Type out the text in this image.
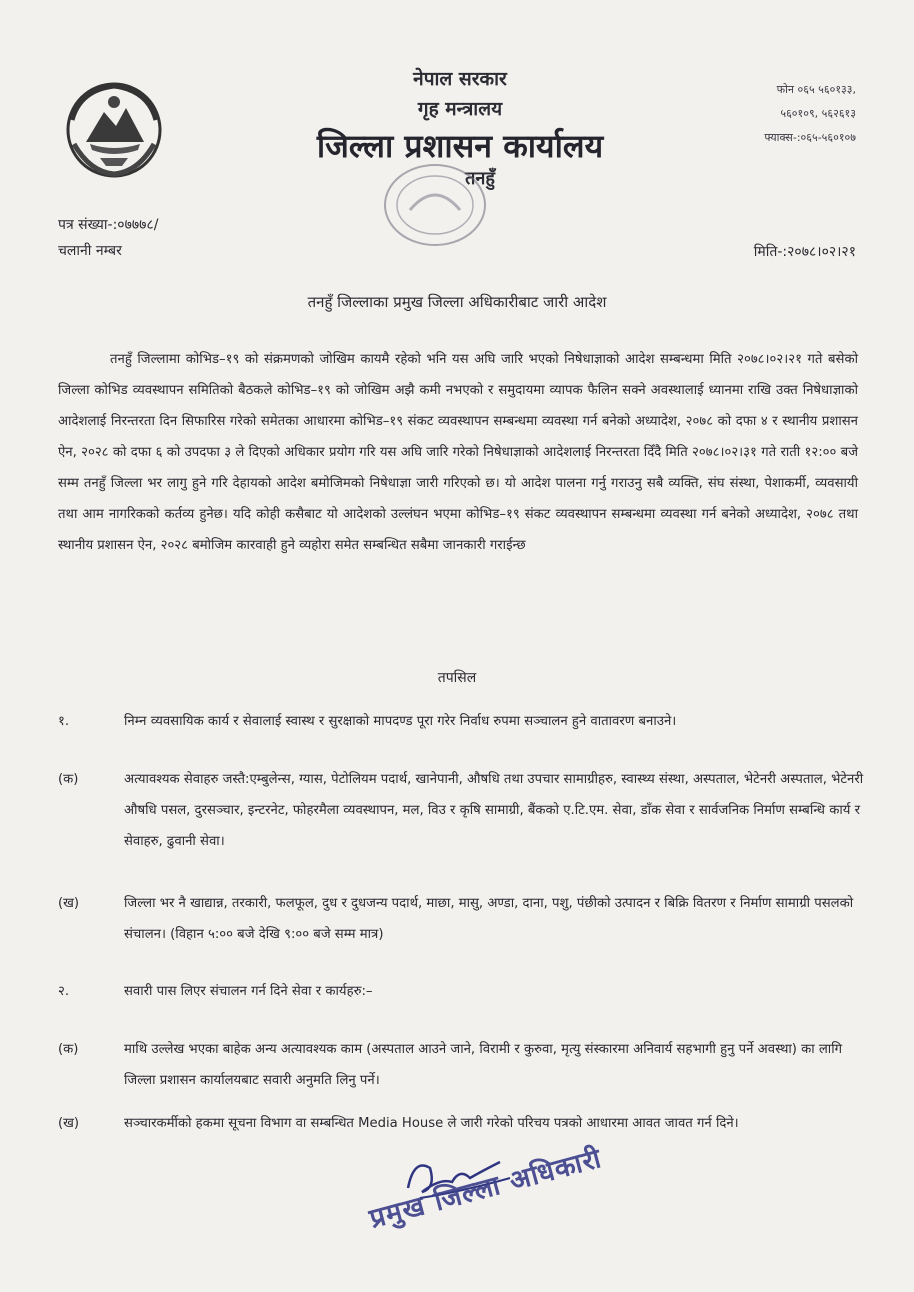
नेपाल सरकार
गृह मन्त्रालय
जिल्ला प्रशासन कार्यालय
तनहुँ
फोन ०६५ ५६०१३३,
५६०१०९, ५६२६१३
फ्याक्स-:०६५-५६०१०७
पत्र संख्या-:०७७७८/
चलानी नम्बर	मिति-:२०७८।०२।२१
तनहुँ जिल्लाका प्रमुख जिल्ला अधिकारीबाट जारी आदेश

तनहुँ जिल्लामा कोभिड–१९ को संक्रमणको जोखिम कायमै रहेको भनि यस अघि जारि भएको निषेधाज्ञाको आदेश सम्बन्धमा मिति २०७८।०२।२१ गते बसेको जिल्ला कोभिड व्यवस्थापन समितिको बैठकले कोभिड–१९ को जोखिम अझै कमी नभएको र समुदायमा व्यापक फैलिन सक्ने अवस्थालाई ध्यानमा राखि उक्त निषेधाज्ञाको आदेशलाई निरन्तरता दिन सिफारिस गरेको समेतका आधारमा कोभिड–१९ संकट व्यवस्थापन सम्बन्धमा व्यवस्था गर्न बनेको अध्यादेश, २०७८ को दफा ४ र स्थानीय प्रशासन ऐन, २०२८ को दफा ६ को उपदफा ३ ले दिएको अधिकार प्रयोग गरि यस अघि जारि गरेको निषेधाज्ञाको आदेशलाई निरन्तरता दिँदै मिति २०७८।०२।३१ गते राती १२:०० बजे सम्म तनहुँ जिल्ला भर लागु हुने गरि देहायको आदेश बमोजिमको निषेधाज्ञा जारी गरिएको छ। यो आदेश पालना गर्नु गराउनु सबै व्यक्ति, संघ संस्था, पेशाकर्मी, व्यवसायी तथा आम नागरिकको कर्तव्य हुनेछ। यदि कोही कसैबाट यो आदेशको उल्लंघन भएमा कोभिड–१९ संकट व्यवस्थापन सम्बन्धमा व्यवस्था गर्न बनेको अध्यादेश, २०७८ तथा स्थानीय प्रशासन ऐन, २०२८ बमोजिम कारवाही हुने व्यहोरा समेत सम्बन्धित सबैमा जानकारी गराईन्छ

तपसिल
१.	निम्न व्यवसायिक कार्य र सेवालाई स्वास्थ र सुरक्षाको मापदण्ड पूरा गरेर निर्वाध रुपमा सञ्चालन हुने वातावरण बनाउने।
(क)	अत्यावश्यक सेवाहरु जस्तै:एम्बुलेन्स, ग्यास, पेटोलियम पदार्थ, खानेपानी, औषधि तथा उपचार सामाग्रीहरु, स्वास्थ्य संस्था, अस्पताल, भेटेनरी अस्पताल, भेटेनरी औषधि पसल, दुरसञ्चार, इन्टरनेट, फोहरमैला व्यवस्थापन, मल, विउ र कृषि सामाग्री, बैंकको ए.टि.एम. सेवा, डाँक सेवा र सार्वजनिक निर्माण सम्बन्धि कार्य र सेवाहरु, ढुवानी सेवा।
(ख)	जिल्ला भर नै खाद्यान्न, तरकारी, फलफूल, दुध र दुधजन्य पदार्थ, माछा, मासु, अण्डा, दाना, पशु, पंछीको उत्पादन र बिक्रि वितरण र निर्माण सामाग्री पसलको संचालन। (विहान ५:०० बजे देखि ९:०० बजे सम्म मात्र)
२.	सवारी पास लिएर संचालन गर्न दिने सेवा र कार्यहरु:–
(क)	माथि उल्लेख भएका बाहेक अन्य अत्यावश्यक काम (अस्पताल आउने जाने, विरामी र कुरुवा, मृत्यु संस्कारमा अनिवार्य सहभागी हुनु पर्ने अवस्था) का लागि जिल्ला प्रशासन कार्यालयबाट सवारी अनुमति लिनु पर्ने।
(ख)	सञ्चारकर्मीको हकमा सूचना विभाग वा सम्बन्धित Media House ले जारी गरेको परिचय पत्रको आधारमा आवत जावत गर्न दिने।
प्रमुख जिल्ला अधिकारी
